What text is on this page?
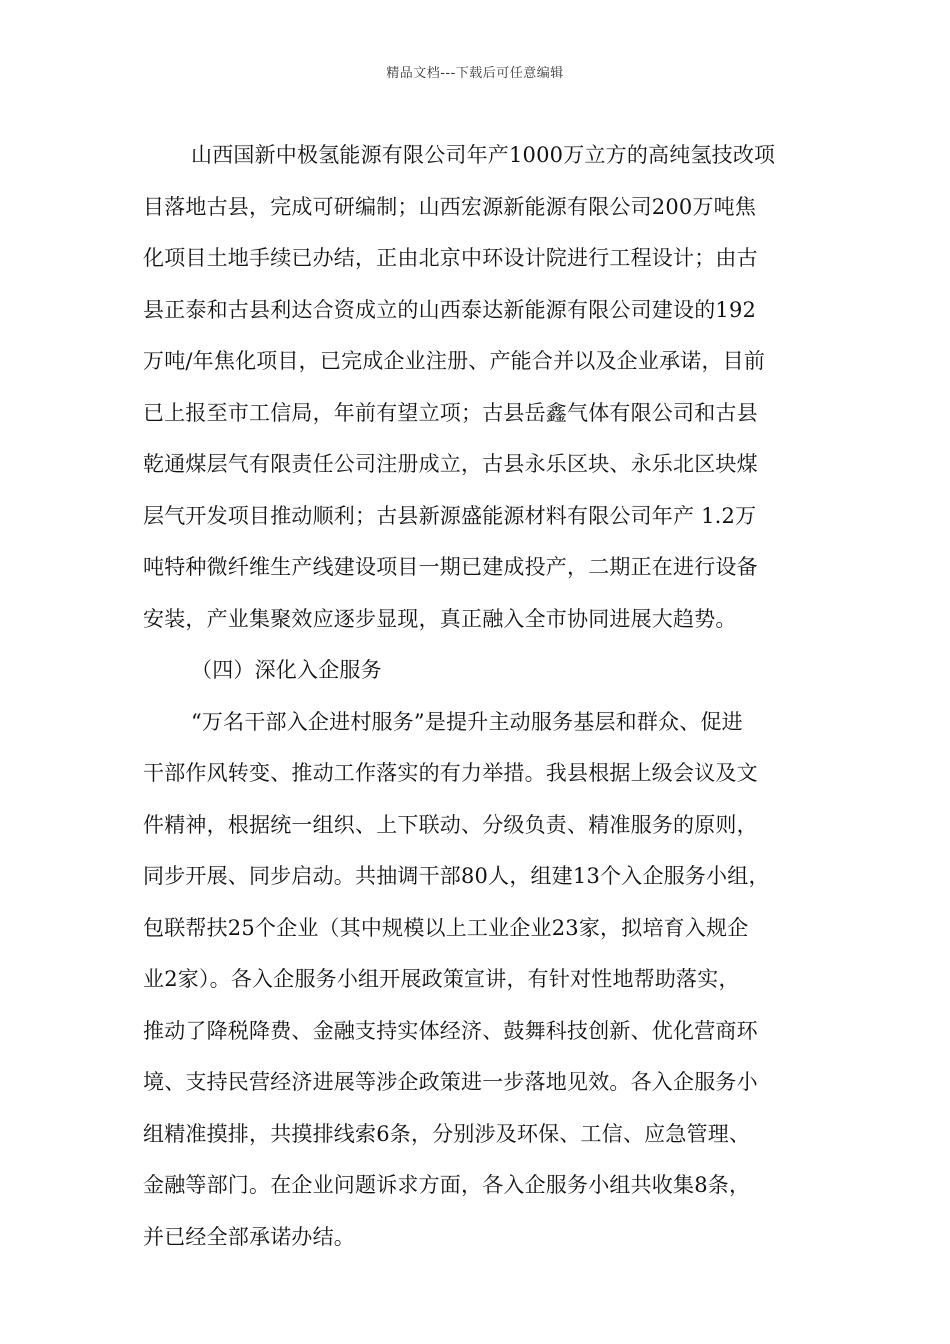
精品文档---下载后可任意编辑
山西国新中极氢能源有限公司年产1000万立方的高纯氢技改项
目落地古县，完成可研编制；山西宏源新能源有限公司200万吨焦
化项目土地手续已办结，正由北京中环设计院进行工程设计；由古
县正泰和古县利达合资成立的山西泰达新能源有限公司建设的192
万吨/年焦化项目，已完成企业注册、产能合并以及企业承诺，目前
已上报至市工信局，年前有望立项；古县岳鑫气体有限公司和古县
乾通煤层气有限责任公司注册成立，古县永乐区块、永乐北区块煤
层气开发项目推动顺利；古县新源盛能源材料有限公司年产 1.2万
吨特种微纤维生产线建设项目一期已建成投产，二期正在进行设备
安装，产业集聚效应逐步显现，真正融入全市协同进展大趋势。
（四）深化入企服务
“万名干部入企进村服务”是提升主动服务基层和群众、促进
干部作风转变、推动工作落实的有力举措。我县根据上级会议及文
件精神，根据统一组织、上下联动、分级负责、精准服务的原则，
同步开展、同步启动。共抽调干部80人，组建13个入企服务小组，
包联帮扶25个企业（其中规模以上工业企业23家，拟培育入规企
业2家）。各入企服务小组开展政策宣讲，有针对性地帮助落实，
推动了降税降费、金融支持实体经济、鼓舞科技创新、优化营商环
境、支持民营经济进展等涉企政策进一步落地见效。各入企服务小
组精准摸排，共摸排线索6条，分别涉及环保、工信、应急管理、
金融等部门。在企业问题诉求方面，各入企服务小组共收集8条，
并已经全部承诺办结。
